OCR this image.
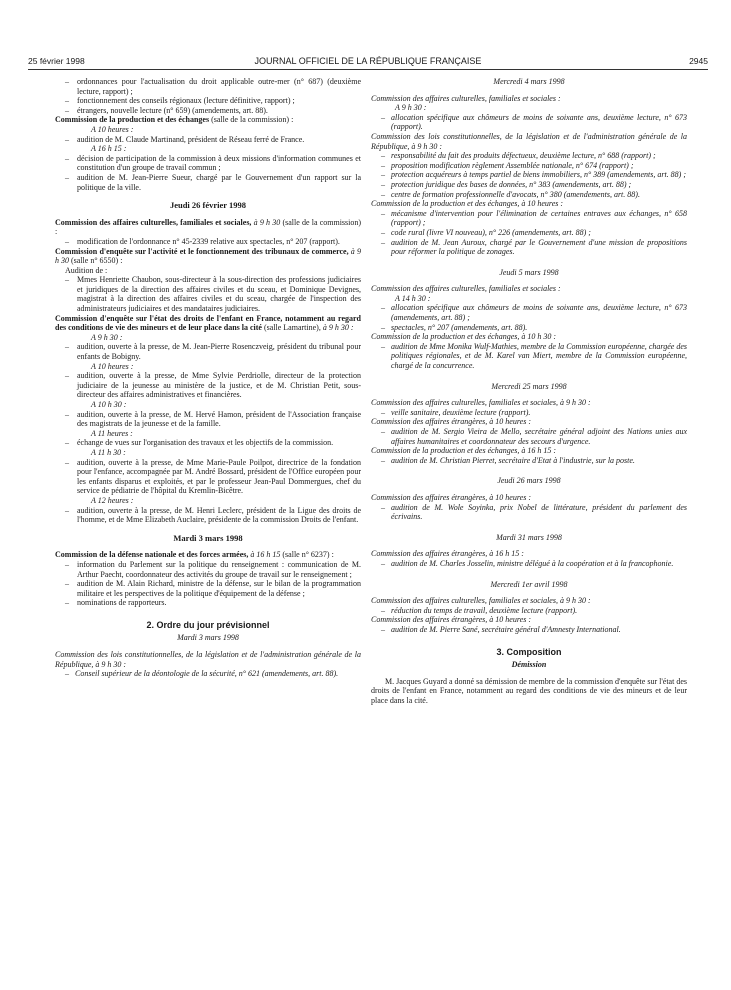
25 février 1998	JOURNAL OFFICIEL DE LA RÉPUBLIQUE FRANÇAISE	2945
– ordonnances pour l'actualisation du droit applicable outre-mer (n° 687) (deuxième lecture, rapport) ;
– fonctionnement des conseils régionaux (lecture définitive, rapport) ;
– étrangers, nouvelle lecture (n° 659) (amendements, art. 88).
Commission de la production et des échanges (salle de la commission) :
A 10 heures :
– audition de M. Claude Martinand, président de Réseau ferré de France.
A 16 h 15 :
– décision de participation de la commission à deux missions d'information communes et constitution d'un groupe de travail commun ;
– audition de M. Jean-Pierre Sueur, chargé par le Gouvernement d'un rapport sur la politique de la ville.
Jeudi 26 février 1998
Commission des affaires culturelles, familiales et sociales, à 9 h 30 (salle de la commission) :
– modification de l'ordonnance n° 45-2339 relative aux spectacles, n° 207 (rapport).
Commission d'enquête sur l'activité et le fonctionnement des tribunaux de commerce, à 9 h 30 (salle n° 6550) :
Audition de :
– Mmes Henriette Chaubon, sous-directeur à la sous-direction des professions judiciaires et juridiques de la direction des affaires civiles et du sceau, et Dominique Devignes, magistrat à la direction des affaires civiles et du sceau, chargée de l'inspection des administrateurs judiciaires et des mandataires judiciaires.
Commission d'enquête sur l'état des droits de l'enfant en France, notamment au regard des conditions de vie des mineurs et de leur place dans la cité (salle Lamartine), à 9 h 30 :
A 9 h 30 :
– audition, ouverte à la presse, de M. Jean-Pierre Rosenczveig, président du tribunal pour enfants de Bobigny.
A 10 heures :
– audition, ouverte à la presse, de Mme Sylvie Perdriolle, directeur de la protection judiciaire de la jeunesse au ministère de la justice, et de M. Christian Petit, sous-directeur des affaires administratives et financières.
A 10 h 30 :
– audition, ouverte à la presse, de M. Hervé Hamon, président de l'Association française des magistrats de la jeunesse et de la famille.
A 11 heures :
– échange de vues sur l'organisation des travaux et les objectifs de la commission.
A 11 h 30 :
– audition, ouverte à la presse, de Mme Marie-Paule Poilpot, directrice de la fondation pour l'enfance, accompagnée par M. André Bossard, président de l'Office européen pour les enfants disparus et exploités, et par le professeur Jean-Paul Dommergues, chef du service de pédiatrie de l'hôpital du Kremlin-Bicêtre.
A 12 heures :
– audition, ouverte à la presse, de M. Henri Leclerc, président de la Ligue des droits de l'homme, et de Mme Elizabeth Auclaire, présidente de la commission Droits de l'enfant.
Mardi 3 mars 1998
Commission de la défense nationale et des forces armées, à 16 h 15 (salle n° 6237) :
– information du Parlement sur la politique du renseignement : communication de M. Arthur Paecht, coordonnateur des activités du groupe de travail sur le renseignement ;
– audition de M. Alain Richard, ministre de la défense, sur le bilan de la programmation militaire et les perspectives de la politique d'équipement de la défense ;
– nominations de rapporteurs.
2. Ordre du jour prévisionnel
Mardi 3 mars 1998
Commission des lois constitutionnelles, de la législation et de l'administration générale de la République, à 9 h 30 :
– Conseil supérieur de la déontologie de la sécurité, n° 621 (amendements, art. 88).
Mercredi 4 mars 1998
Commission des affaires culturelles, familiales et sociales :
A 9 h 30 :
– allocation spécifique aux chômeurs de moins de soixante ans, deuxième lecture, n° 673 (rapport).
Commission des lois constitutionnelles, de la législation et de l'administration générale de la République, à 9 h 30 :
– responsabilité du fait des produits défectueux, deuxième lecture, n° 688 (rapport) ;
– proposition modification règlement Assemblée nationale, n° 674 (rapport) ;
– protection acquéreurs à temps partiel de biens immobiliers, n° 389 (amendements, art. 88) ;
– protection juridique des bases de données, n° 383 (amendements, art. 88) ;
– centre de formation professionnelle d'avocats, n° 380 (amendements, art. 88).
Commission de la production et des échanges, à 10 heures :
– mécanisme d'intervention pour l'élimination de certaines entraves aux échanges, n° 658 (rapport) ;
– code rural (livre VI nouveau), n° 226 (amendements, art. 88) ;
– audition de M. Jean Auroux, chargé par le Gouvernement d'une mission de propositions pour réformer la politique de zonages.
Jeudi 5 mars 1998
Commission des affaires culturelles, familiales et sociales :
A 14 h 30 :
– allocation spécifique aux chômeurs de moins de soixante ans, deuxième lecture, n° 673 (amendements, art. 88) ;
– spectacles, n° 207 (amendements, art. 88).
Commission de la production et des échanges, à 10 h 30 :
– audition de Mme Monika Wulf-Mathies, membre de la Commission européenne, chargée des politiques régionales, et de M. Karel van Miert, membre de la Commission européenne, chargé de la concurrence.
Mercredi 25 mars 1998
Commission des affaires culturelles, familiales et sociales, à 9 h 30 :
– veille sanitaire, deuxième lecture (rapport).
Commission des affaires étrangères, à 10 heures :
– audition de M. Sergio Vieira de Mello, secrétaire général adjoint des Nations unies aux affaires humanitaires et coordonnateur des secours d'urgence.
Commission de la production et des échanges, à 16 h 15 :
– audition de M. Christian Pierret, secrétaire d'Etat à l'industrie, sur la poste.
Jeudi 26 mars 1998
Commission des affaires étrangères, à 10 heures :
– audition de M. Wole Soyinka, prix Nobel de littérature, président du parlement des écrivains.
Mardi 31 mars 1998
Commission des affaires étrangères, à 16 h 15 :
– audition de M. Charles Josselin, ministre délégué à la coopération et à la francophonie.
Mercredi 1er avril 1998
Commission des affaires culturelles, familiales et sociales, à 9 h 30 :
– réduction du temps de travail, deuxième lecture (rapport).
Commission des affaires étrangères, à 10 heures :
– audition de M. Pierre Sané, secrétaire général d'Amnesty International.
3. Composition
Démission
M. Jacques Guyard a donné sa démission de membre de la commission d'enquête sur l'état des droits de l'enfant en France, notamment au regard des conditions de vie des mineurs et de leur place dans la cité.
